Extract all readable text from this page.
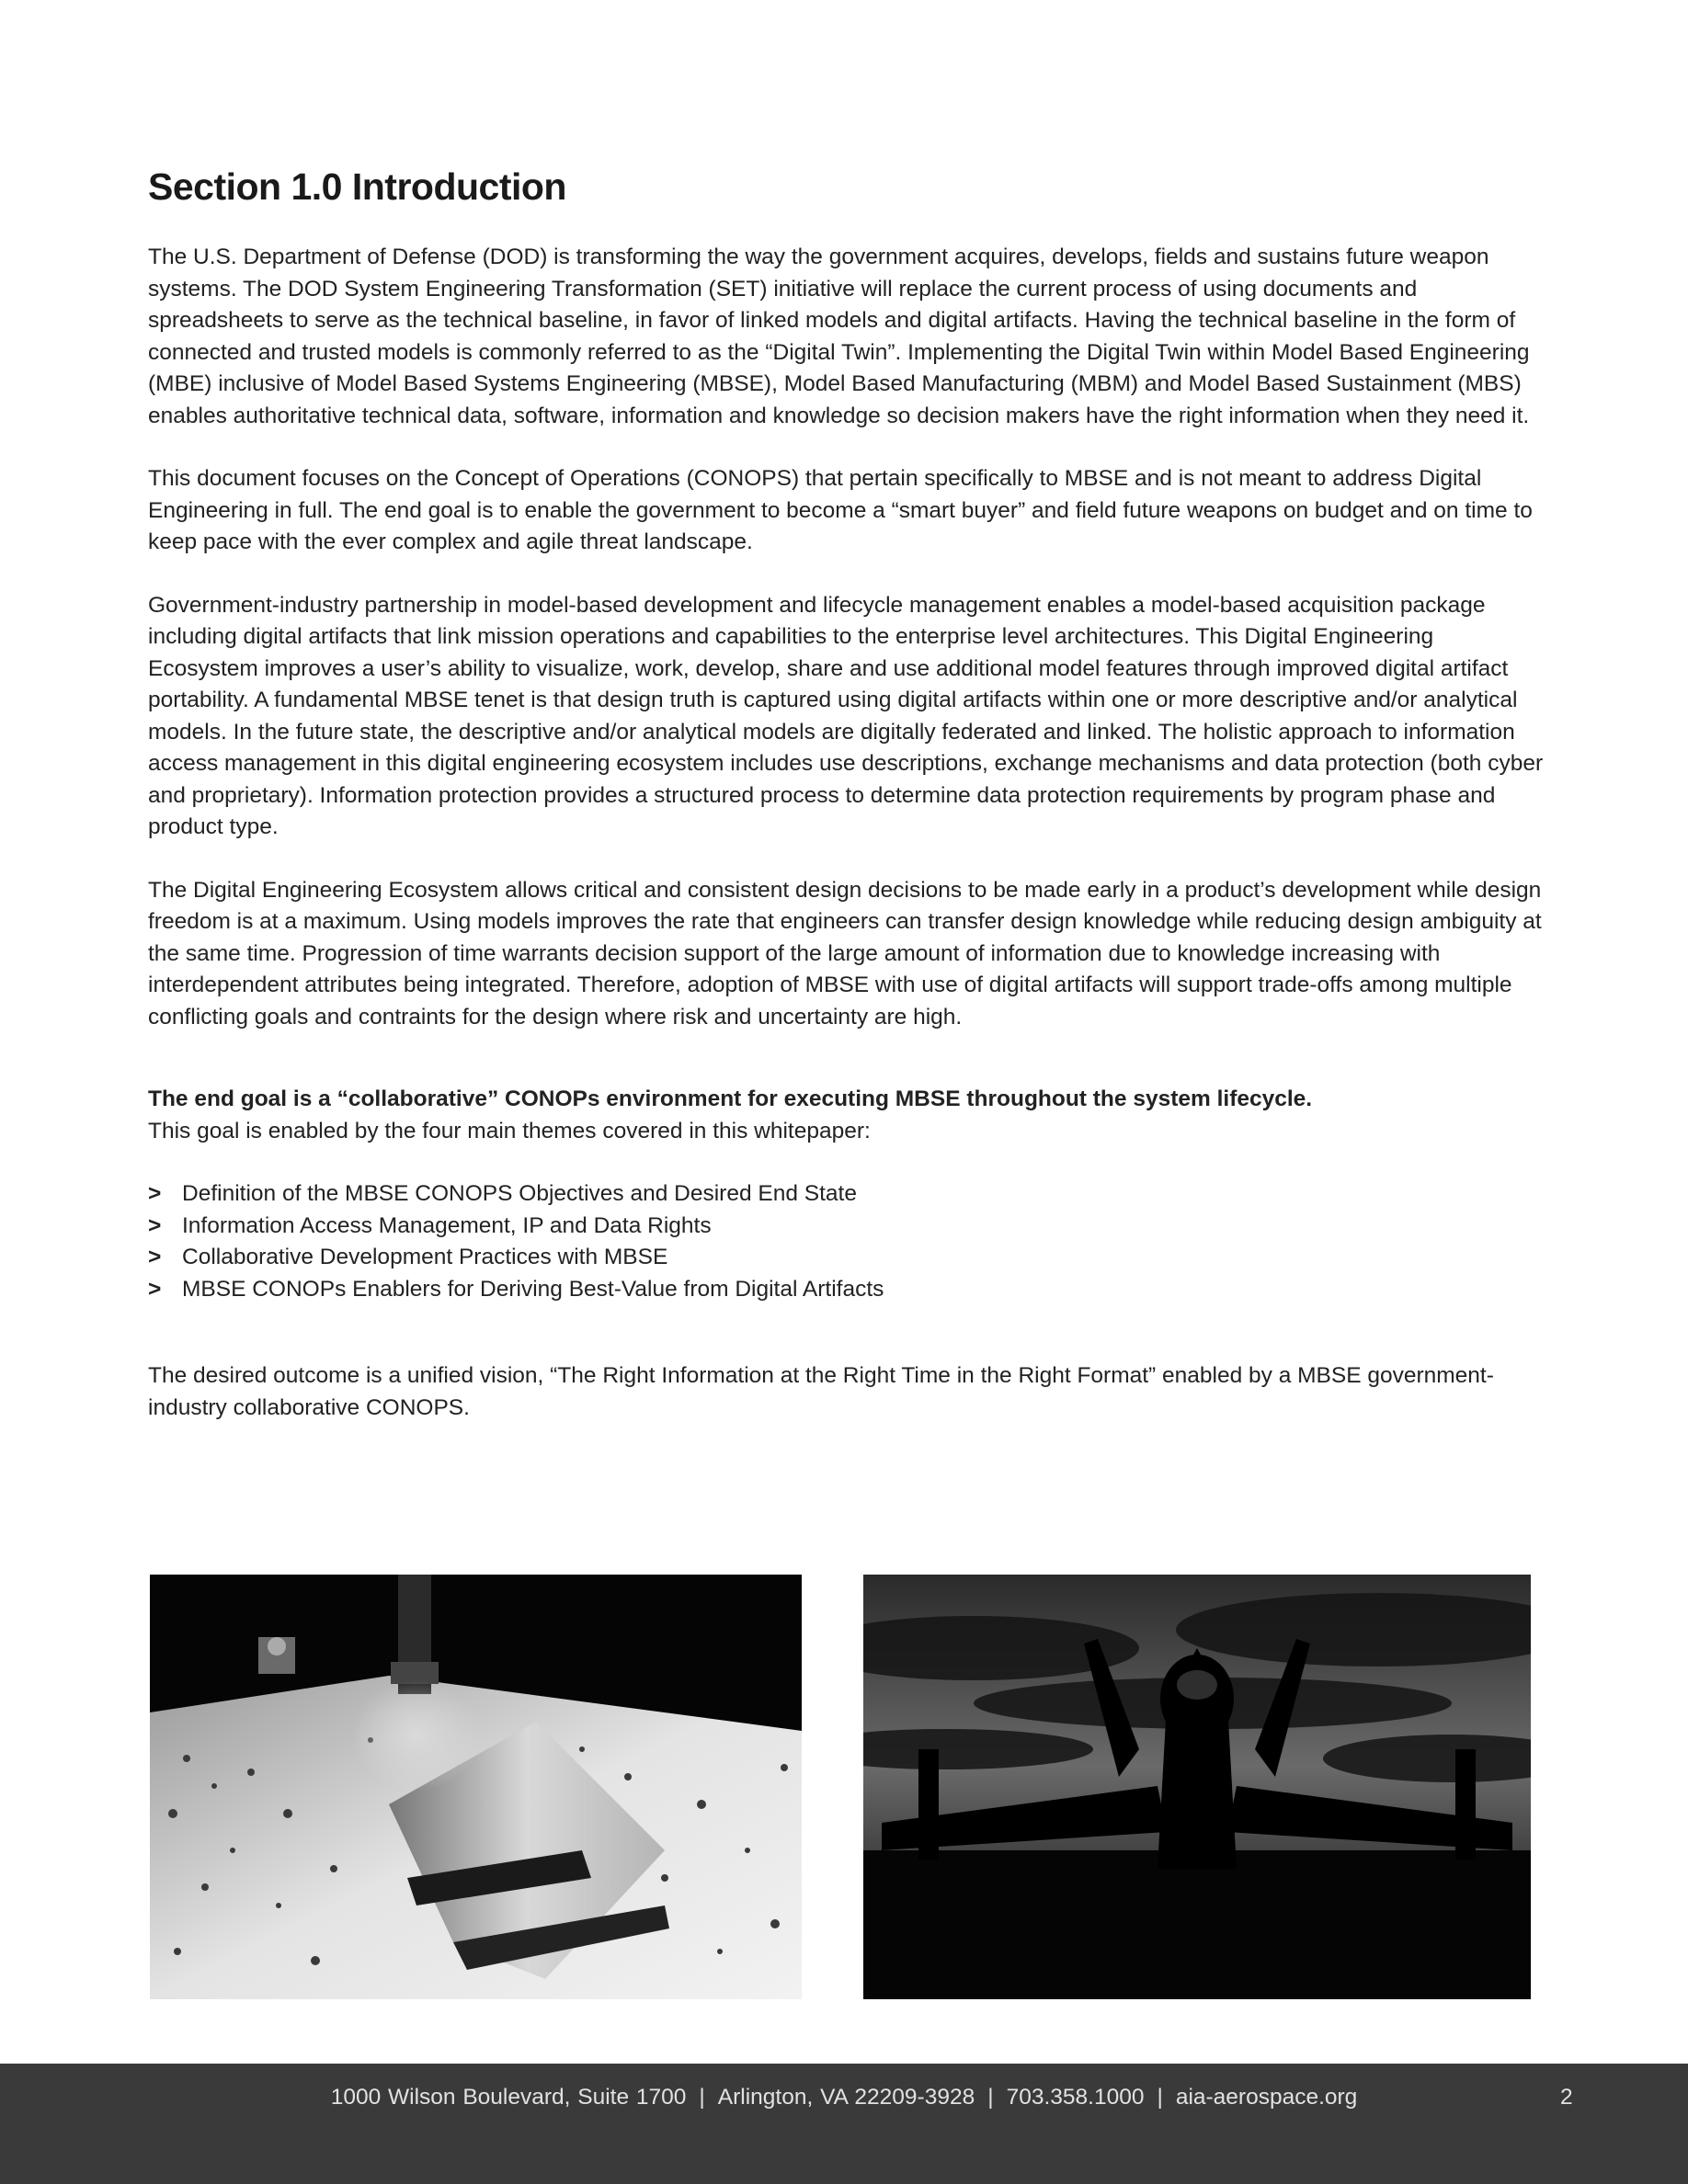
Section 1.0 Introduction

The U.S. Department of Defense (DOD) is transforming the way the government acquires, develops, fields and sustains future weapon systems. The DOD System Engineering Transformation (SET) initiative will replace the current process of using documents and spreadsheets to serve as the technical baseline, in favor of linked models and digital artifacts. Having the technical baseline in the form of connected and trusted models is commonly referred to as the “Digital Twin”. Implementing the Digital Twin within Model Based Engineering (MBE) inclusive of Model Based Systems Engineering (MBSE), Model Based Manufacturing (MBM) and Model Based Sustainment (MBS) enables authoritative technical data, software, information and knowledge so decision makers have the right information when they need it.

This document focuses on the Concept of Operations (CONOPS) that pertain specifically to MBSE and is not meant to address Digital Engineering in full. The end goal is to enable the government to become a “smart buyer” and field future weapons on budget and on time to keep pace with the ever complex and agile threat landscape.

Government-industry partnership in model-based development and lifecycle management enables a model-based acquisition package including digital artifacts that link mission operations and capabilities to the enterprise level architectures. This Digital Engineering Ecosystem improves a user’s ability to visualize, work, develop, share and use additional model features through improved digital artifact portability. A fundamental MBSE tenet is that design truth is captured using digital artifacts within one or more descriptive and/or analytical models. In the future state, the descriptive and/or analytical models are digitally federated and linked. The holistic approach to information access management in this digital engineering ecosystem includes use descriptions, exchange mechanisms and data protection (both cyber and proprietary). Information protection provides a structured process to determine data protection requirements by program phase and product type.

The Digital Engineering Ecosystem allows critical and consistent design decisions to be made early in a product’s development while design freedom is at a maximum. Using models improves the rate that engineers can transfer design knowledge while reducing design ambiguity at the same time. Progression of time warrants decision support of the large amount of information due to knowledge increasing with interdependent attributes being integrated. Therefore, adoption of MBSE with use of digital artifacts will support trade-offs among multiple conflicting goals and contraints for the design where risk and uncertainty are high.

The end goal is a “collaborative” CONOPs environment for executing MBSE throughout the system lifecycle.
This goal is enabled by the four main themes covered in this whitepaper:

> Definition of the MBSE CONOPS Objectives and Desired End State
> Information Access Management, IP and Data Rights
> Collaborative Development Practices with MBSE
> MBSE CONOPs Enablers for Deriving Best-Value from Digital Artifacts

The desired outcome is a unified vision, “The Right Information at the Right Time in the Right Format” enabled by a MBSE government-industry collaborative CONOPS.

1000 Wilson Boulevard, Suite 1700 | Arlington, VA 22209-3928 | 703.358.1000 | aia-aerospace.org	2
